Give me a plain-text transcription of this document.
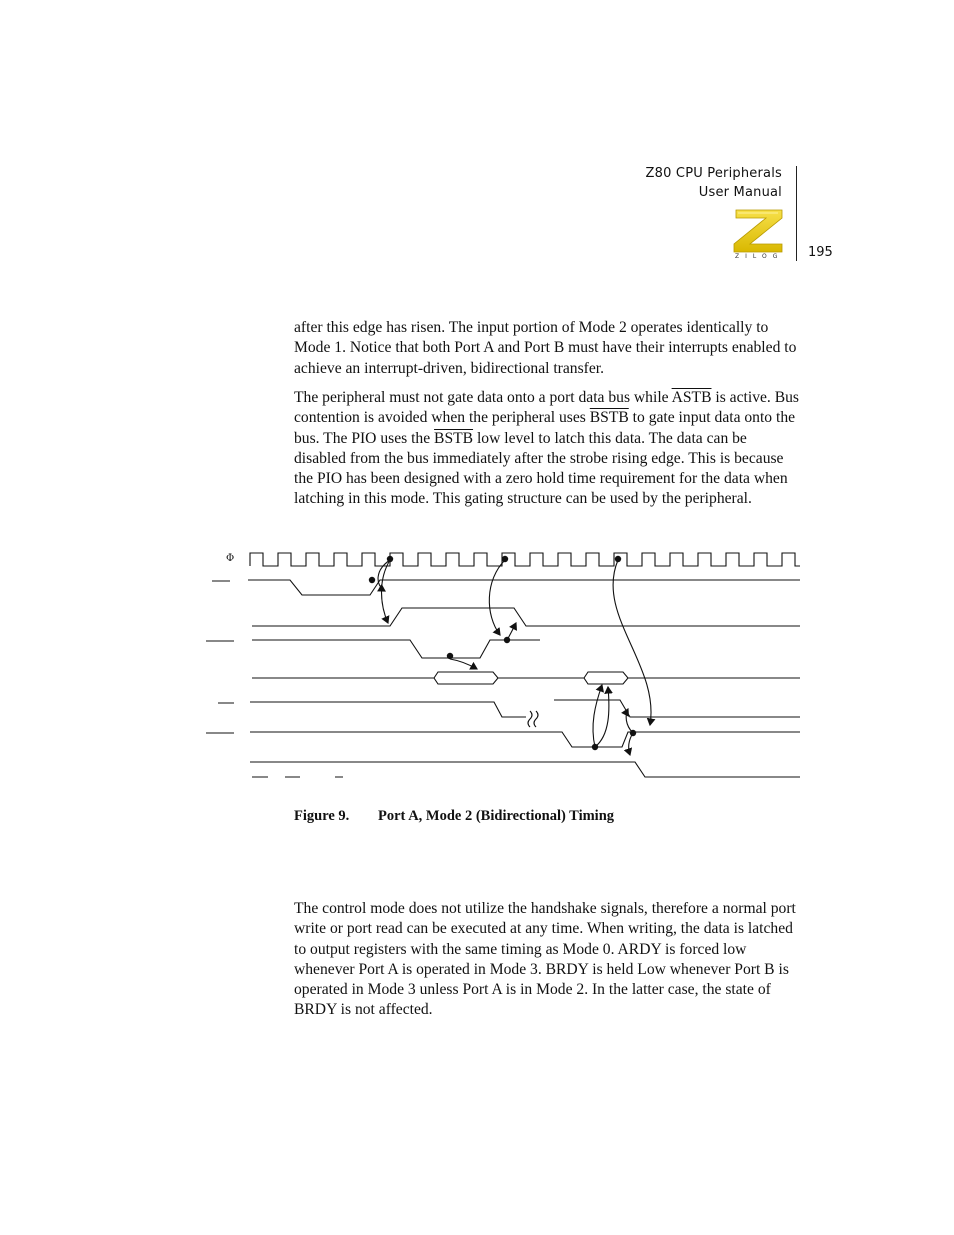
Z80 CPU Peripherals
User Manual
195
ZILOG

after this edge has risen. The input portion of Mode 2 operates identically to Mode 1. Notice that both Port A and Port B must have their interrupts enabled to achieve an interrupt-driven, bidirectional transfer.

The peripheral must not gate data onto a port data bus while ASTB is active. Bus contention is avoided when the peripheral uses BSTB to gate input data onto the bus. The PIO uses the BSTB low level to latch this data. The data can be disabled from the bus immediately after the strobe rising edge. This is because the PIO has been designed with a zero hold time requirement for the data when latching in this mode. This gating structure can be used by the peripheral.

Φ
Figure 9. Port A, Mode 2 (Bidirectional) Timing

The control mode does not utilize the handshake signals, therefore a normal port write or port read can be executed at any time. When writing, the data is latched to output registers with the same timing as Mode 0. ARDY is forced low whenever Port A is operated in Mode 3. BRDY is held Low whenever Port B is operated in Mode 3 unless Port A is in Mode 2. In the latter case, the state of BRDY is not affected.
